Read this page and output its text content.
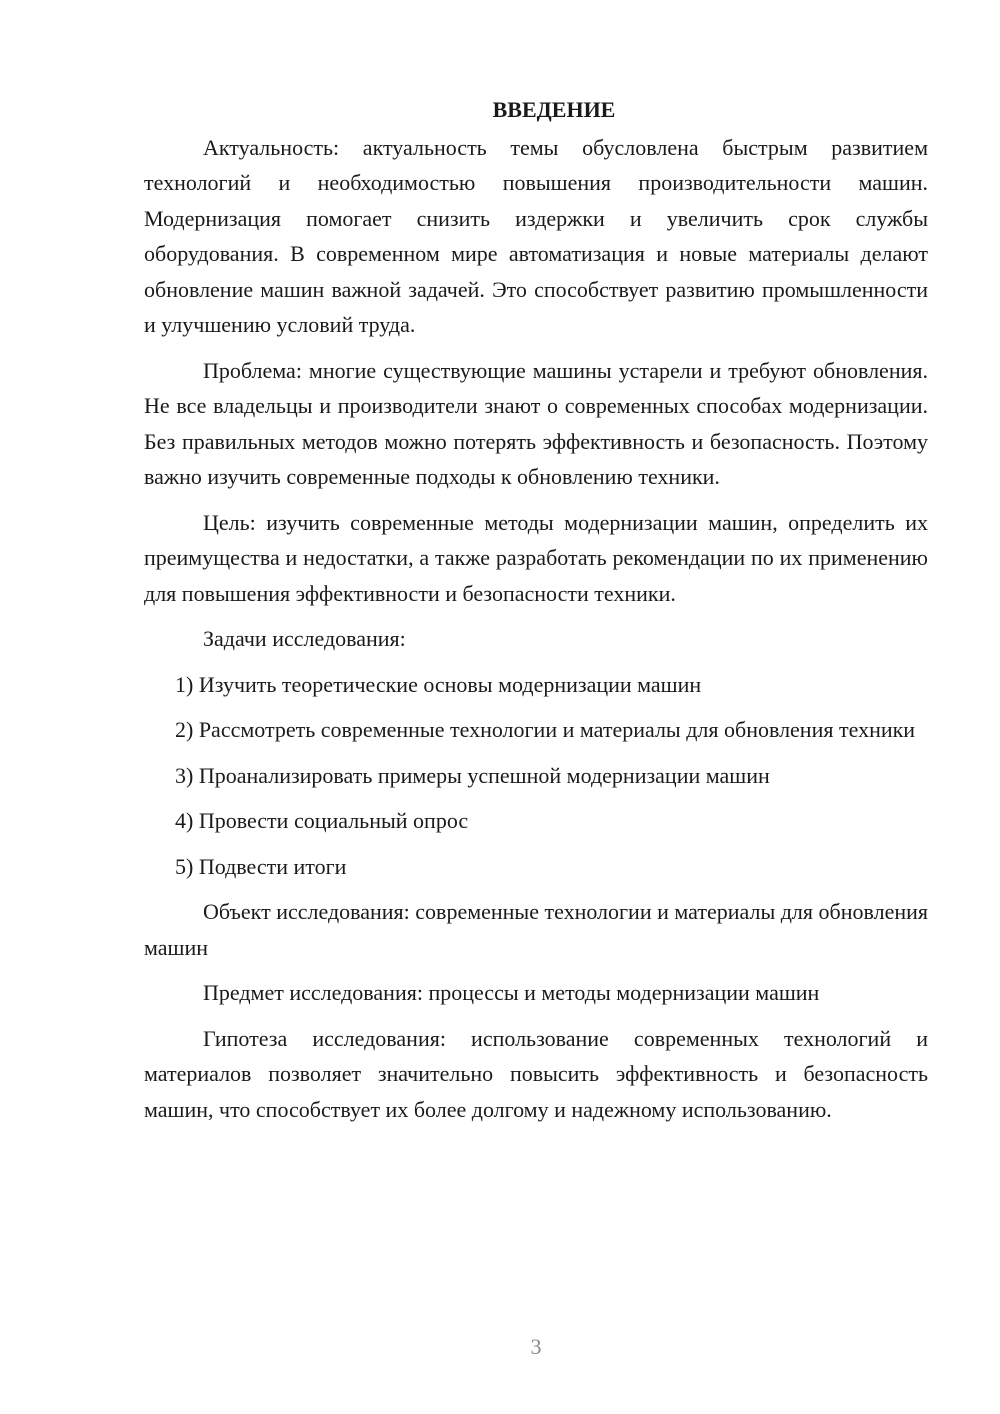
ВВЕДЕНИЕ

Актуальность: актуальность темы обусловлена быстрым развитием технологий и необходимостью повышения производительности машин. Модернизация помогает снизить издержки и увеличить срок службы оборудования. В современном мире автоматизация и новые материалы делают обновление машин важной задачей. Это способствует развитию промышленности и улучшению условий труда.

Проблема: многие существующие машины устарели и требуют обновления. Не все владельцы и производители знают о современных способах модернизации. Без правильных методов можно потерять эффективность и безопасность. Поэтому важно изучить современные подходы к обновлению техники.

Цель: изучить современные методы модернизации машин, определить их преимущества и недостатки, а также разработать рекомендации по их применению для повышения эффективности и безопасности техники.

Задачи исследования:

1) Изучить теоретические основы модернизации машин

2) Рассмотреть современные технологии и материалы для обновления техники

3) Проанализировать примеры успешной модернизации машин

4) Провести социальный опрос

5) Подвести итоги

Объект исследования: современные технологии и материалы для обновления машин

Предмет исследования: процессы и методы модернизации машин

Гипотеза исследования: использование современных технологий и материалов позволяет значительно повысить эффективность и безопасность машин, что способствует их более долгому и надежному использованию.

3
